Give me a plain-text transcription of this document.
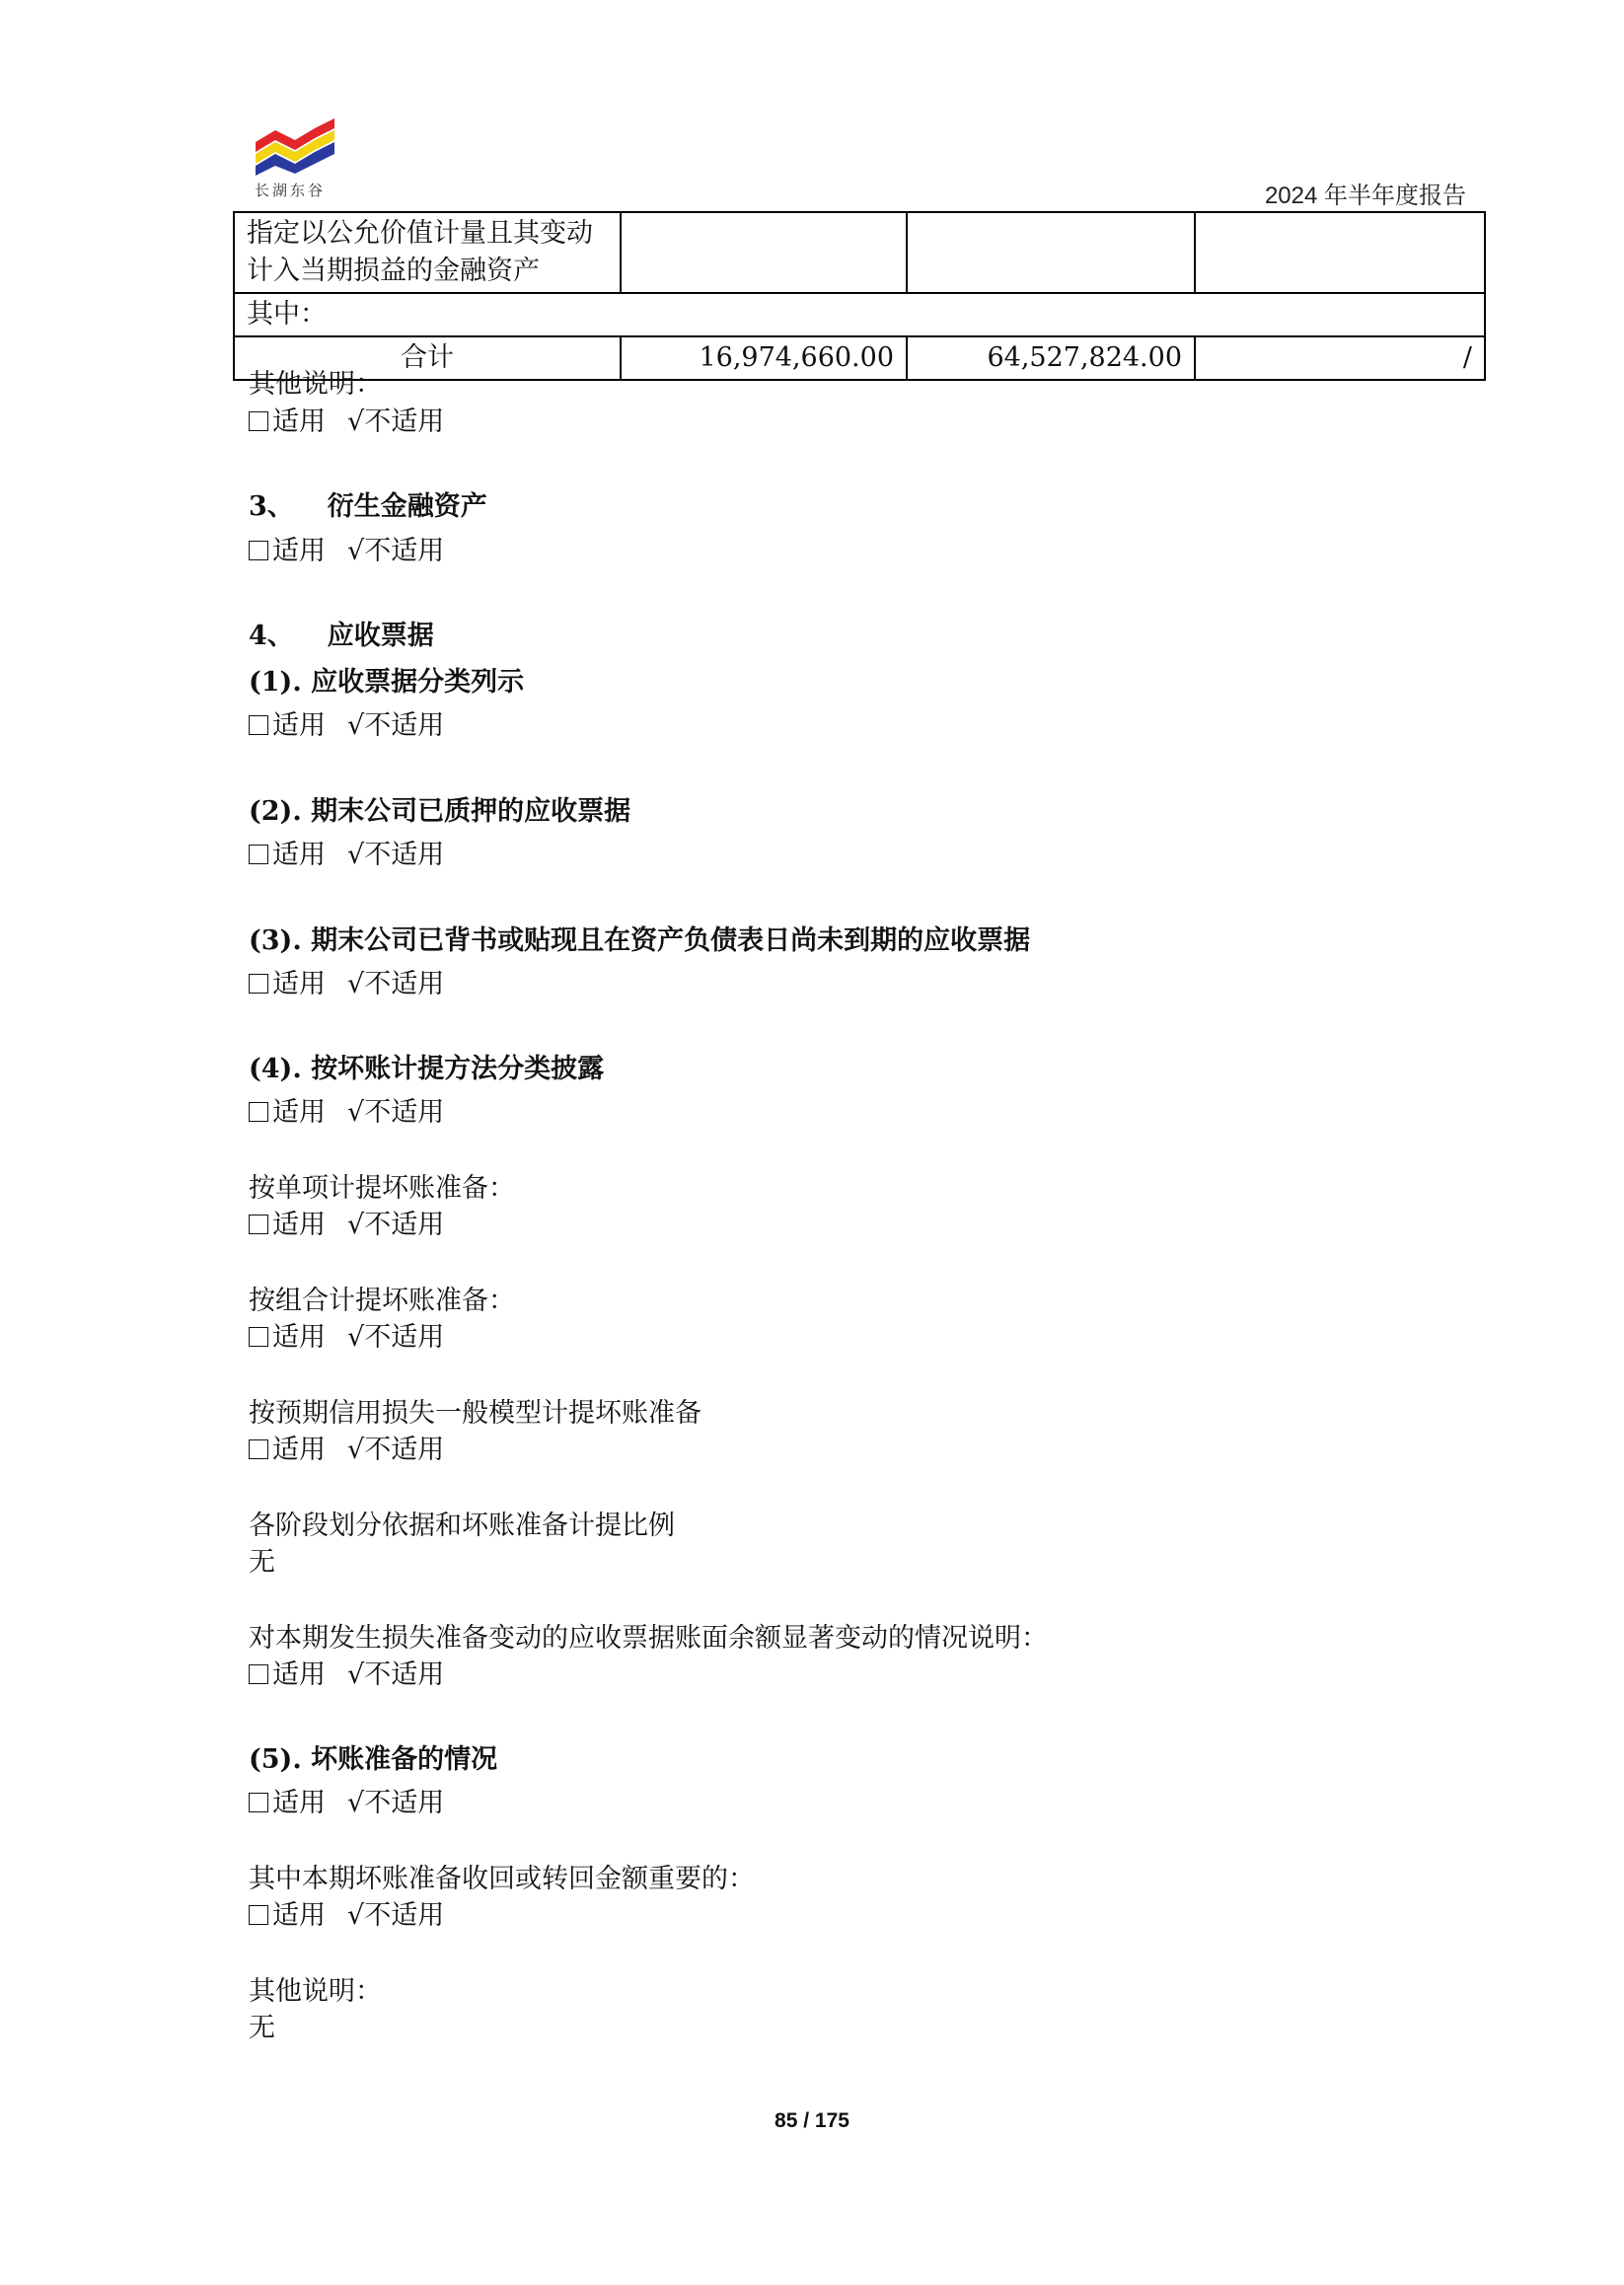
长湖东谷	2024 年半年度报告
指定以公允价值计量且其变动计入当期损益的金融资产			
其中：			
合计	16,974,660.00	64,527,824.00	/
其他说明：
适用 √不适用
3、 衍生金融资产
适用 √不适用
4、 应收票据
(1). 应收票据分类列示
适用 √不适用
(2). 期末公司已质押的应收票据
适用 √不适用
(3). 期末公司已背书或贴现且在资产负债表日尚未到期的应收票据
适用 √不适用
(4). 按坏账计提方法分类披露
适用 √不适用
按单项计提坏账准备：
适用 √不适用
按组合计提坏账准备：
适用 √不适用
按预期信用损失一般模型计提坏账准备
适用 √不适用
各阶段划分依据和坏账准备计提比例
无
对本期发生损失准备变动的应收票据账面余额显著变动的情况说明：
适用 √不适用
(5). 坏账准备的情况
适用 √不适用
其中本期坏账准备收回或转回金额重要的：
适用 √不适用
其他说明：
无
85 / 175
